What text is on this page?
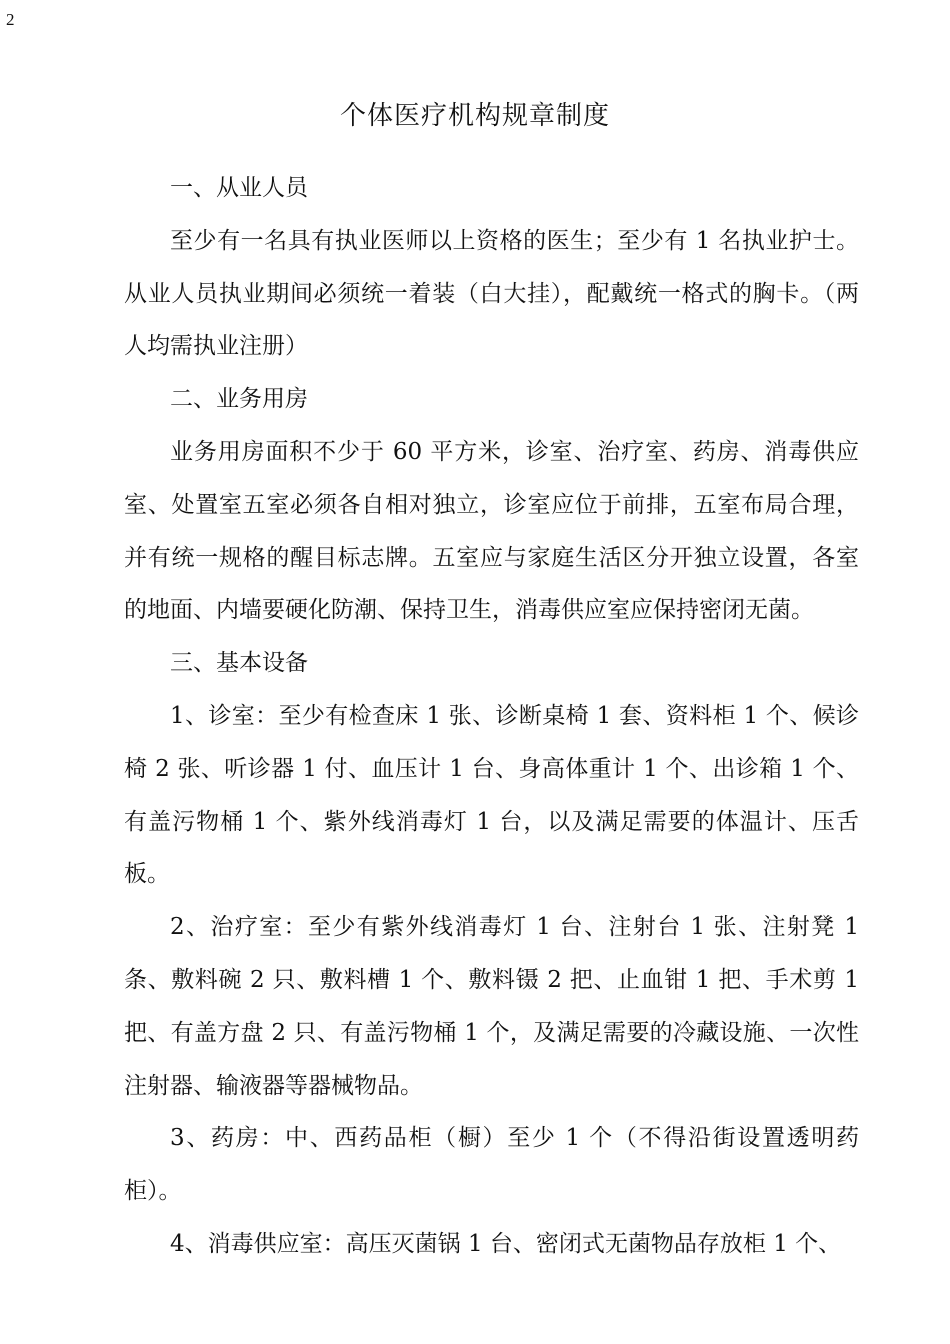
2
个体医疗机构规章制度

一、从业人员

至少有一名具有执业医师以上资格的医生；至少有 1 名执业护士。从业人员执业期间必须统一着装（白大挂），配戴统一格式的胸卡。（两人均需执业注册）

二、业务用房

业务用房面积不少于 60 平方米，诊室、治疗室、药房、消毒供应室、处置室五室必须各自相对独立，诊室应位于前排，五室布局合理，并有统一规格的醒目标志牌。五室应与家庭生活区分开独立设置，各室的地面、内墙要硬化防潮、保持卫生，消毒供应室应保持密闭无菌。

三、基本设备

1、诊室：至少有检查床 1 张、诊断桌椅 1 套、资料柜 1 个、候诊椅 2 张、听诊器 1 付、血压计 1 台、身高体重计 1 个、出诊箱 1 个、有盖污物桶 1 个、紫外线消毒灯 1 台，以及满足需要的体温计、压舌板。

2、治疗室：至少有紫外线消毒灯 1 台、注射台 1 张、注射凳 1 条、敷料碗 2 只、敷料槽 1 个、敷料镊 2 把、止血钳 1 把、手术剪 1 把、有盖方盘 2 只、有盖污物桶 1 个，及满足需要的冷藏设施、一次性注射器、输液器等器械物品。

3、药房：中、西药品柜（橱）至少 1 个（不得沿街设置透明药柜）。

4、消毒供应室：高压灭菌锅 1 台、密闭式无菌物品存放柜 1 个、
